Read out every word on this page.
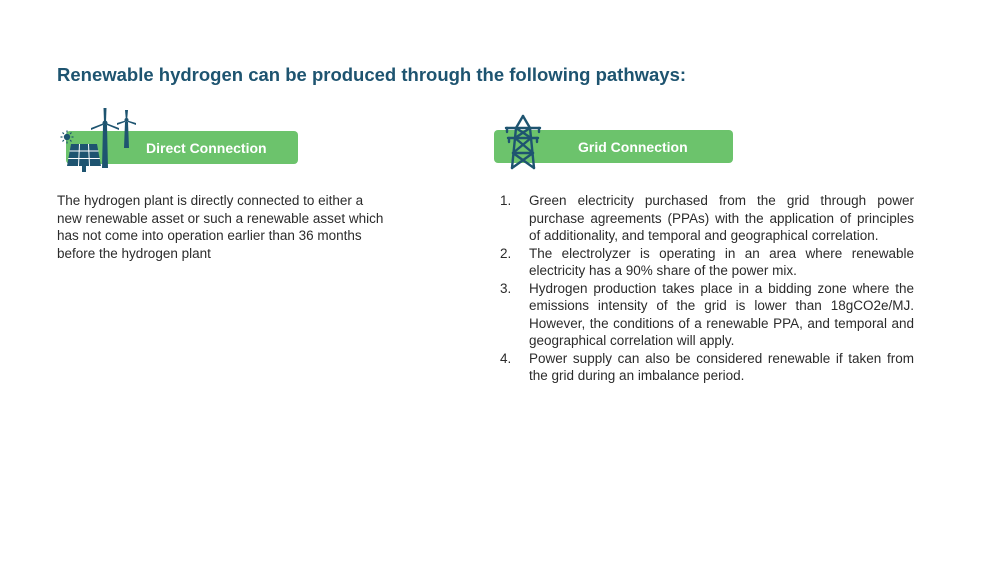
Renewable hydrogen can be produced through the following pathways:
Direct Connection
The hydrogen plant is directly connected to either a new renewable asset or such a renewable asset which has not come into operation earlier than 36 months before the hydrogen plant
Grid Connection
1.	Green electricity purchased from the grid through power purchase agreements (PPAs) with the application of principles of additionality, and temporal and geographical correlation.
2.	The electrolyzer is operating in an area where renewable electricity has a 90% share of the power mix.
3.	Hydrogen production takes place in a bidding zone where the emissions intensity of the grid is lower than 18gCO2e/MJ. However, the conditions of a renewable PPA, and temporal and geographical correlation will apply.
4.	Power supply can also be considered renewable if taken from the grid during an imbalance period.
